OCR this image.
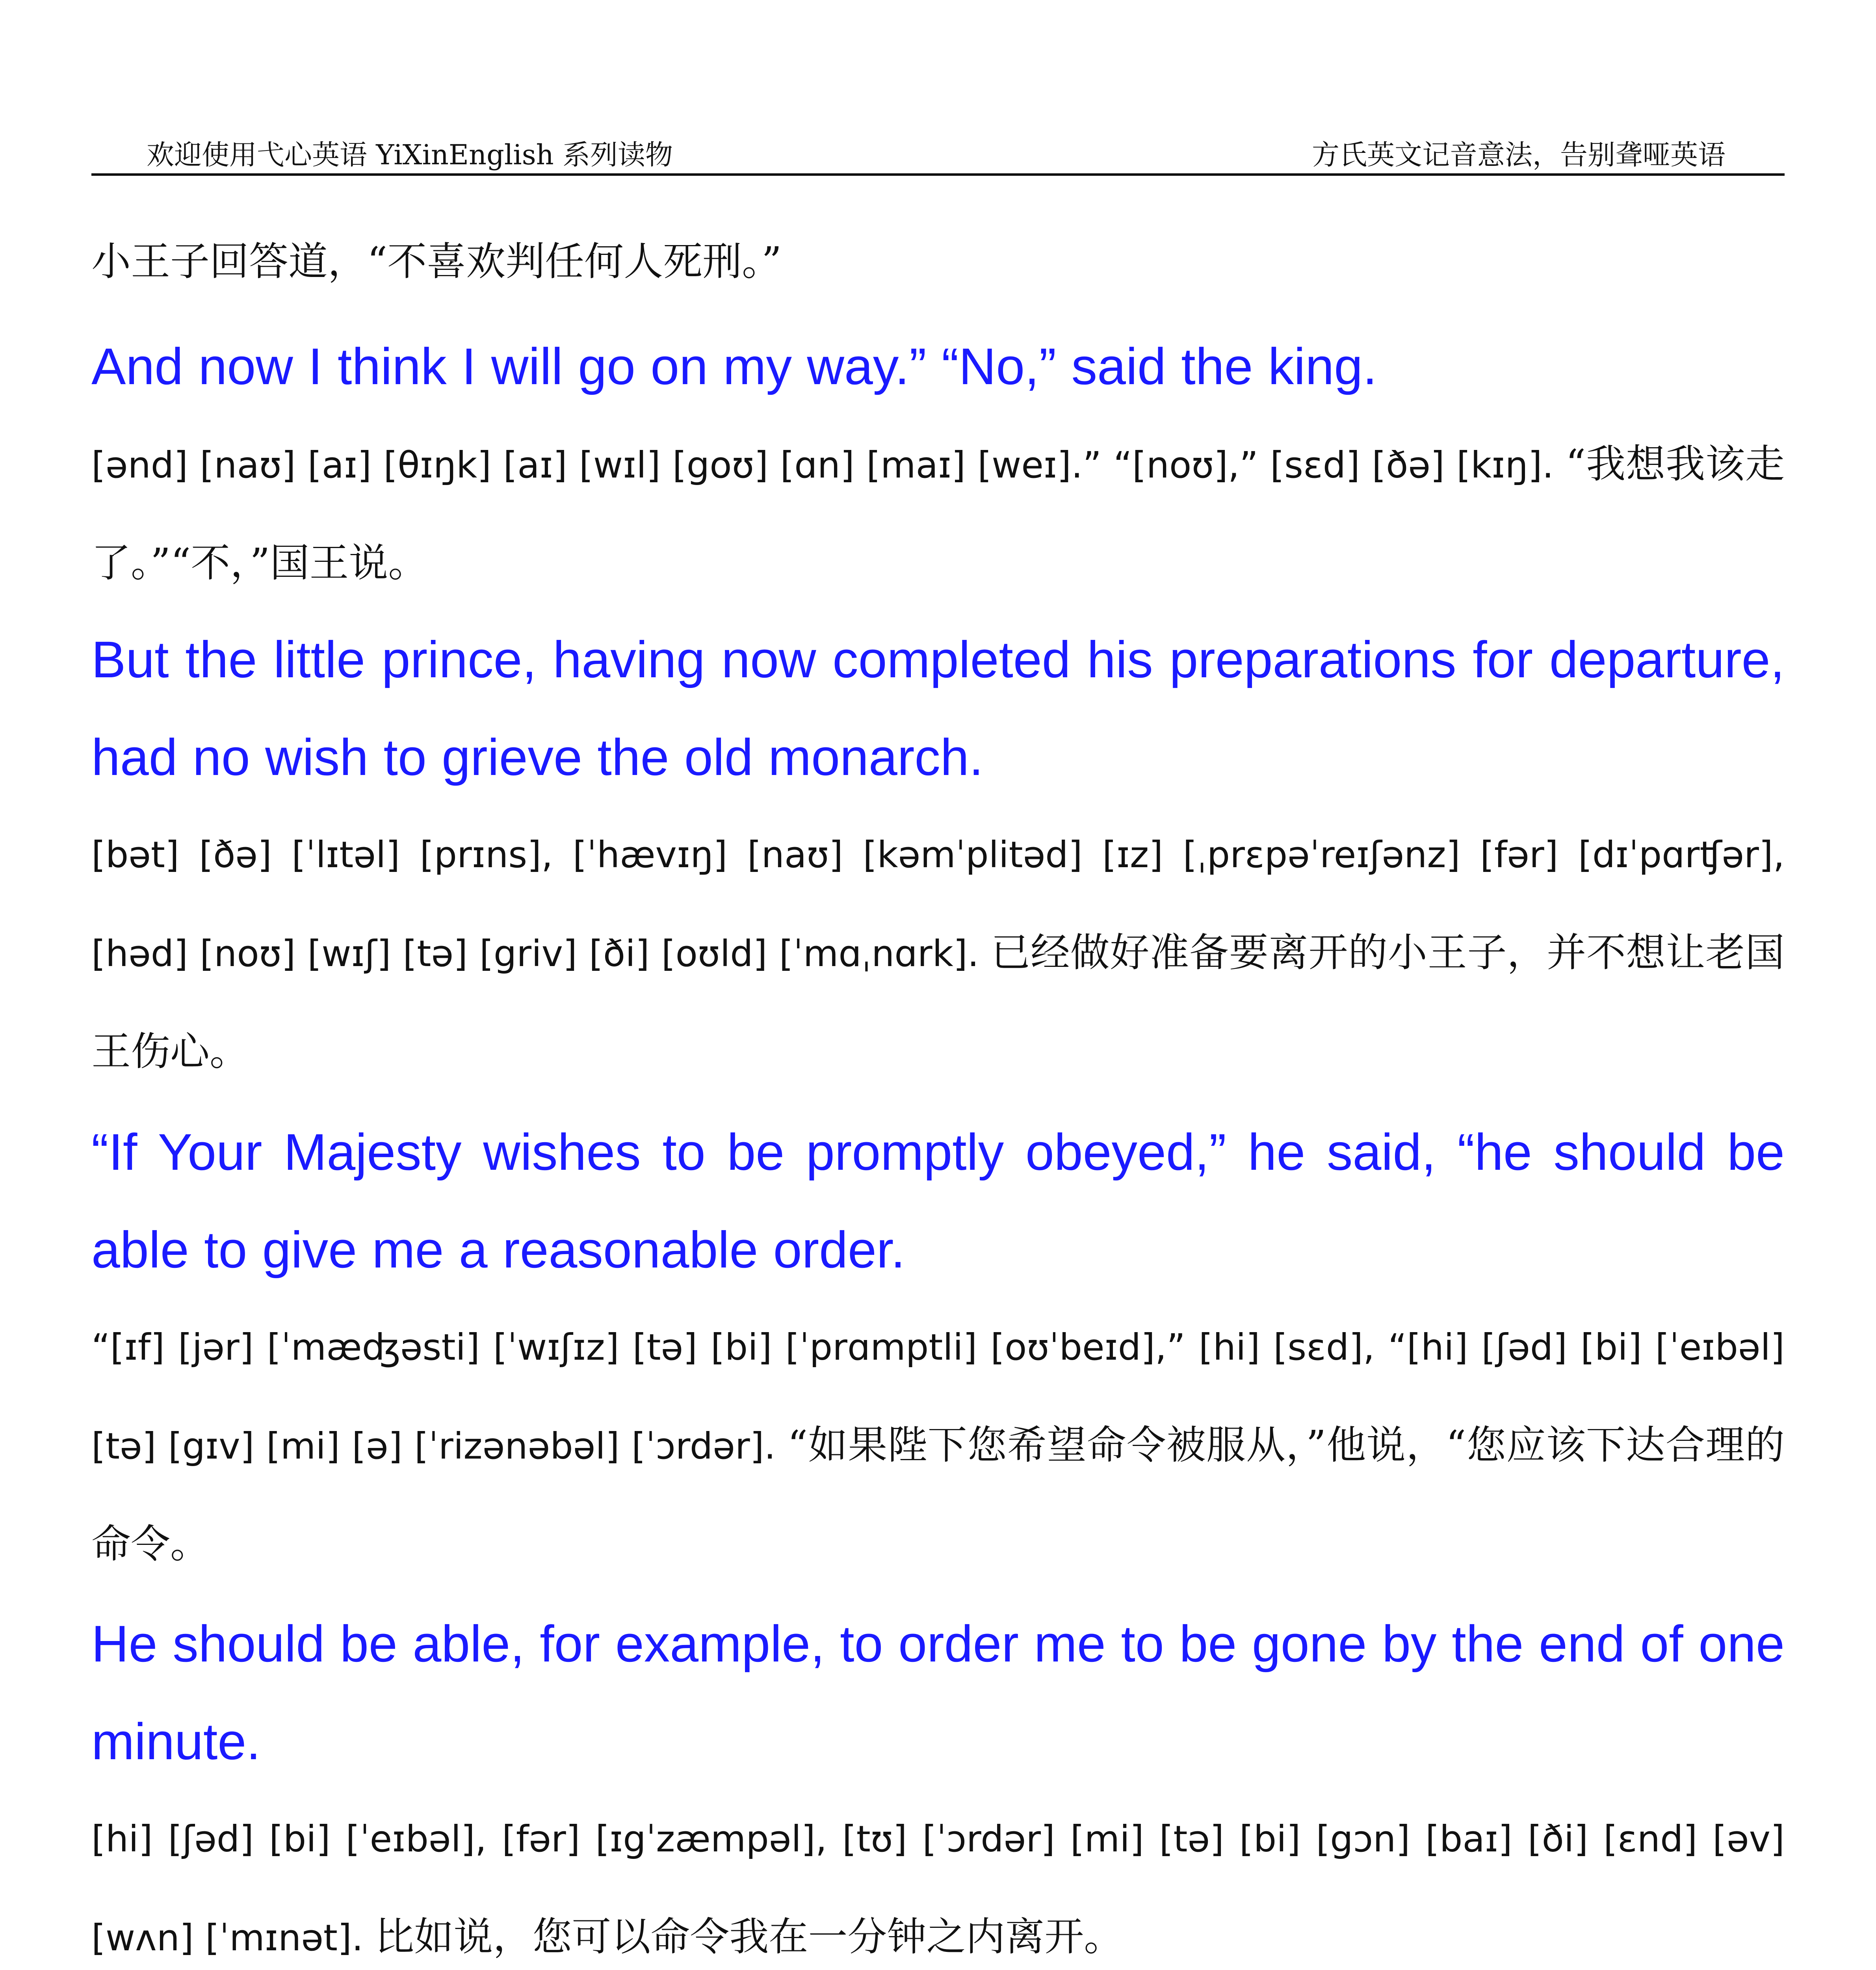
欢迎使用弋心英语 YiXinEnglish 系列读物	方氏英文记音意法，告别聋哑英语

小王子回答道，“不喜欢判任何人死刑。”

And now I think I will go on my way.” “No,” said the king.

[ənd] [naʊ] [aɪ] [θɪŋk] [aɪ] [wɪl] [goʊ] [ɑn] [maɪ] [weɪ].” “[noʊ],” [sɛd] [ðə] [kɪŋ]. “我想我该走了。”“不，”国王说。

But the little prince, having now completed his preparations for departure, had no wish to grieve the old monarch.

[bət] [ðə] [ˈlɪtəl] [prɪns], [ˈhævɪŋ] [naʊ] [kəmˈplitəd] [ɪz] [ˌprɛpəˈreɪʃənz] [fər] [dɪˈpɑrʧər], [həd] [noʊ] [wɪʃ] [tə] [griv] [ði] [oʊld] [ˈmɑˌnɑrk]. 已经做好准备要离开的小王子，并不想让老国王伤心。

“If Your Majesty wishes to be promptly obeyed,” he said, “he should be able to give me a reasonable order.

“[ɪf] [jər] [ˈmæʤəsti] [ˈwɪʃɪz] [tə] [bi] [ˈprɑmptli] [oʊˈbeɪd],” [hi] [sɛd], “[hi] [ʃəd] [bi] [ˈeɪbəl] [tə] [gɪv] [mi] [ə] [ˈrizənəbəl] [ˈɔrdər]. “如果陛下您希望命令被服从，”他说，“您应该下达合理的命令。

He should be able, for example, to order me to be gone by the end of one minute.

[hi] [ʃəd] [bi] [ˈeɪbəl], [fər] [ɪgˈzæmpəl], [tʊ] [ˈɔrdər] [mi] [tə] [bi] [gɔn] [baɪ] [ði] [ɛnd] [əv] [wʌn] [ˈmɪnət]. 比如说，您可以命令我在一分钟之内离开。
